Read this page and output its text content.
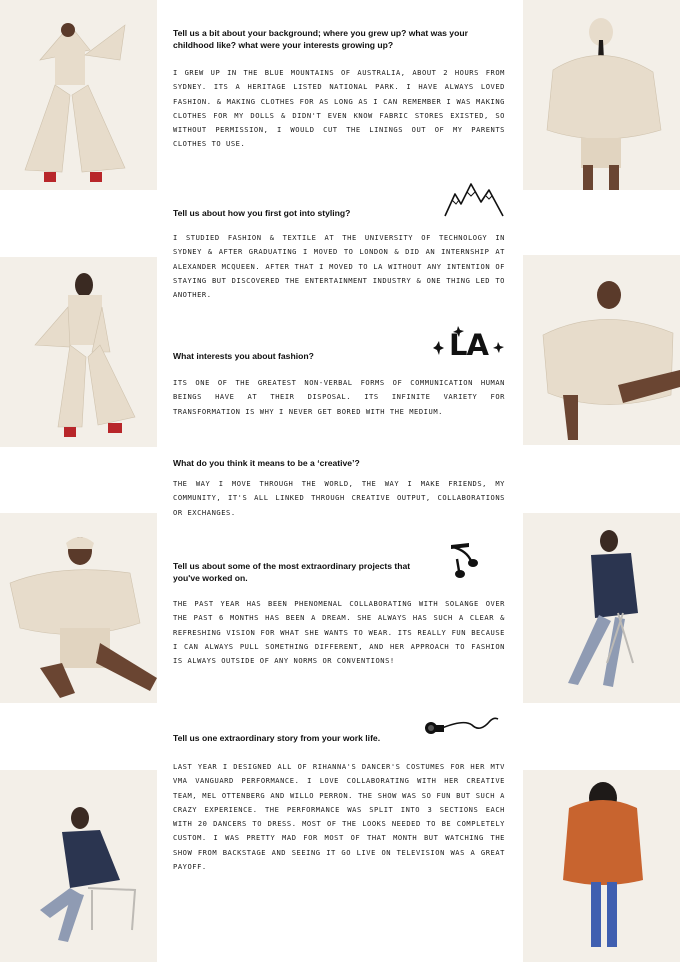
Tell us a bit about your background; where you grew up? what was your childhood like? what were your interests growing up?
I GREW UP IN THE BLUE MOUNTAINS OF AUSTRALIA, ABOUT 2 HOURS FROM SYDNEY. ITS A HERITAGE LISTED NATIONAL PARK. I HAVE ALWAYS LOVED FASHION. & MAKING CLOTHES FOR AS LONG AS I CAN REMEMBER I WAS MAKING CLOTHES FOR MY DOLLS & DIDN'T EVEN KNOW FABRIC STORES EXISTED, SO WITHOUT PERMISSION, I WOULD CUT THE LININGS OUT OF MY PARENTS CLOTHES TO USE.
Tell us about how you first got into styling?
I STUDIED FASHION & TEXTILE AT THE UNIVERSITY OF TECHNOLOGY IN SYDNEY & AFTER GRADUATING I MOVED TO LONDON & DID AN INTERNSHIP AT ALEXANDER MCQUEEN. AFTER THAT I MOVED TO LA WITHOUT ANY INTENTION OF STAYING BUT DISCOVERED THE ENTERTAINMENT INDUSTRY & ONE THING LED TO ANOTHER.
What interests you about fashion?
ITS ONE OF THE GREATEST NON-VERBAL FORMS OF COMMUNICATION HUMAN BEINGS HAVE AT THEIR DISPOSAL. ITS INFINITE VARIETY FOR TRANSFORMATION IS WHY I NEVER GET BORED WITH THE MEDIUM.
What do you think it means to be a ‘creative’?
THE WAY I MOVE THROUGH THE WORLD, THE WAY I MAKE FRIENDS, MY COMMUNITY, IT'S ALL LINKED THROUGH CREATIVE OUTPUT, COLLABORATIONS OR EXCHANGES.
Tell us about some of the most extraordinary projects that you've worked on.
THE PAST YEAR HAS BEEN PHENOMENAL COLLABORATING WITH SOLANGE OVER THE PAST 6 MONTHS HAS BEEN A DREAM. SHE ALWAYS HAS SUCH A CLEAR & REFRESHING VISION FOR WHAT SHE WANTS TO WEAR. ITS REALLY FUN BECAUSE I CAN ALWAYS PULL SOMETHING DIFFERENT, AND HER APPROACH TO FASHION IS ALWAYS OUTSIDE OF ANY NORMS OR CONVENTIONS!
Tell us one extraordinary story from your work life.
LAST YEAR I DESIGNED ALL OF RIHANNA'S DANCER'S COSTUMES FOR HER MTV VMA VANGUARD PERFORMANCE. I LOVE COLLABORATING WITH HER CREATIVE TEAM, MEL OTTENBERG AND WILLO PERRON. THE SHOW WAS SO FUN BUT SUCH A CRAZY EXPERIENCE. THE PERFORMANCE WAS SPLIT INTO 3 SECTIONS EACH WITH 20 DANCERS TO DRESS. MOST OF THE LOOKS NEEDED TO BE COMPLETELY CUSTOM. I WAS PRETTY MAD FOR MOST OF THAT MONTH BUT WATCHING THE SHOW FROM BACKSTAGE AND SEEING IT GO LIVE ON TELEVISION WAS A GREAT PAYOFF.
LA
